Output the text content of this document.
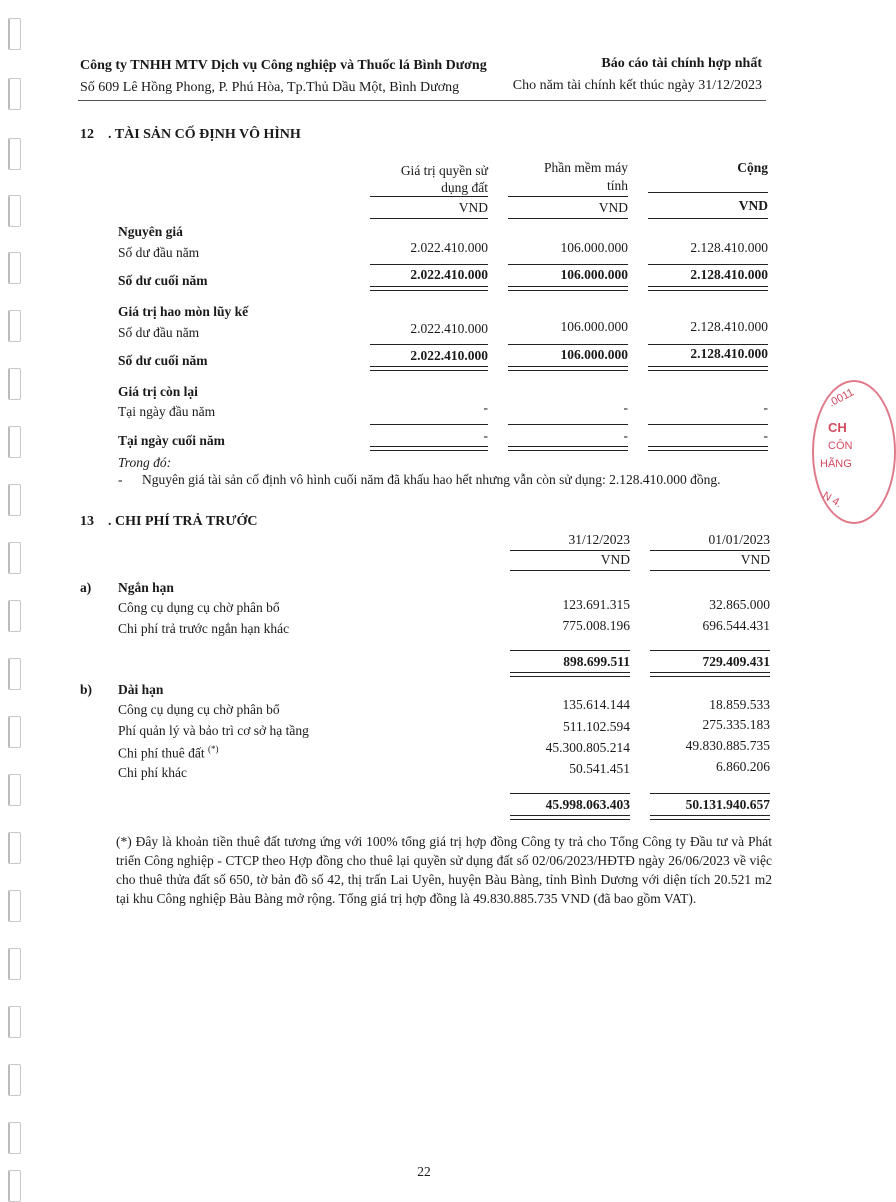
Công ty TNHH MTV Dịch vụ Công nghiệp và Thuốc lá Bình Dương
Số 609 Lê Hồng Phong, P. Phú Hòa, Tp.Thủ Dầu Một, Bình Dương
Báo cáo tài chính hợp nhất
Cho năm tài chính kết thúc ngày 31/12/2023
12 . TÀI SẢN CỐ ĐỊNH VÔ HÌNH
Giá trị quyền sử
dụng đất
Phần mềm máy
tính
Cộng
VND	VND	VND
Nguyên giá
Số dư đầu năm	2.022.410.000	106.000.000	2.128.410.000
Số dư cuối năm	2.022.410.000	106.000.000	2.128.410.000
Giá trị hao mòn lũy kế
Số dư đầu năm	2.022.410.000	106.000.000	2.128.410.000
Số dư cuối năm	2.022.410.000	106.000.000	2.128.410.000
Giá trị còn lại
Tại ngày đầu năm	-	-	-
Tại ngày cuối năm	-	-	-
Trong đó:
- Nguyên giá tài sản cố định vô hình cuối năm đã khấu hao hết nhưng vẫn còn sử dụng: 2.128.410.000 đồng.
13 . CHI PHÍ TRẢ TRƯỚC
31/12/2023	01/01/2023
VND	VND
a) Ngắn hạn
Công cụ dụng cụ chờ phân bổ	123.691.315	32.865.000
Chi phí trả trước ngắn hạn khác	775.008.196	696.544.431
898.699.511	729.409.431
b) Dài hạn
Công cụ dụng cụ chờ phân bổ	135.614.144	18.859.533
Phí quản lý và bảo trì cơ sở hạ tầng	511.102.594	275.335.183
Chi phí thuê đất (*)	45.300.805.214	49.830.885.735
Chi phí khác	50.541.451	6.860.206
45.998.063.403	50.131.940.657
(*) Đây là khoản tiền thuê đất tương ứng với 100% tổng giá trị hợp đồng Công ty trả cho Tổng Công ty Đầu tư và Phát triển Công nghiệp - CTCP theo Hợp đồng cho thuê lại quyền sử dụng đất số 02/06/2023/HĐTĐ ngày 26/06/2023 về việc cho thuê thửa đất số 650, tờ bản đồ số 42, thị trấn Lai Uyên, huyện Bàu Bàng, tỉnh Bình Dương với diện tích 20.521 m2 tại khu Công nghiệp Bàu Bàng mở rộng. Tổng giá trị hợp đồng là 49.830.885.735 VND (đã bao gồm VAT).
22
.0011
CH
CÔN
HÃNG
N 4.
